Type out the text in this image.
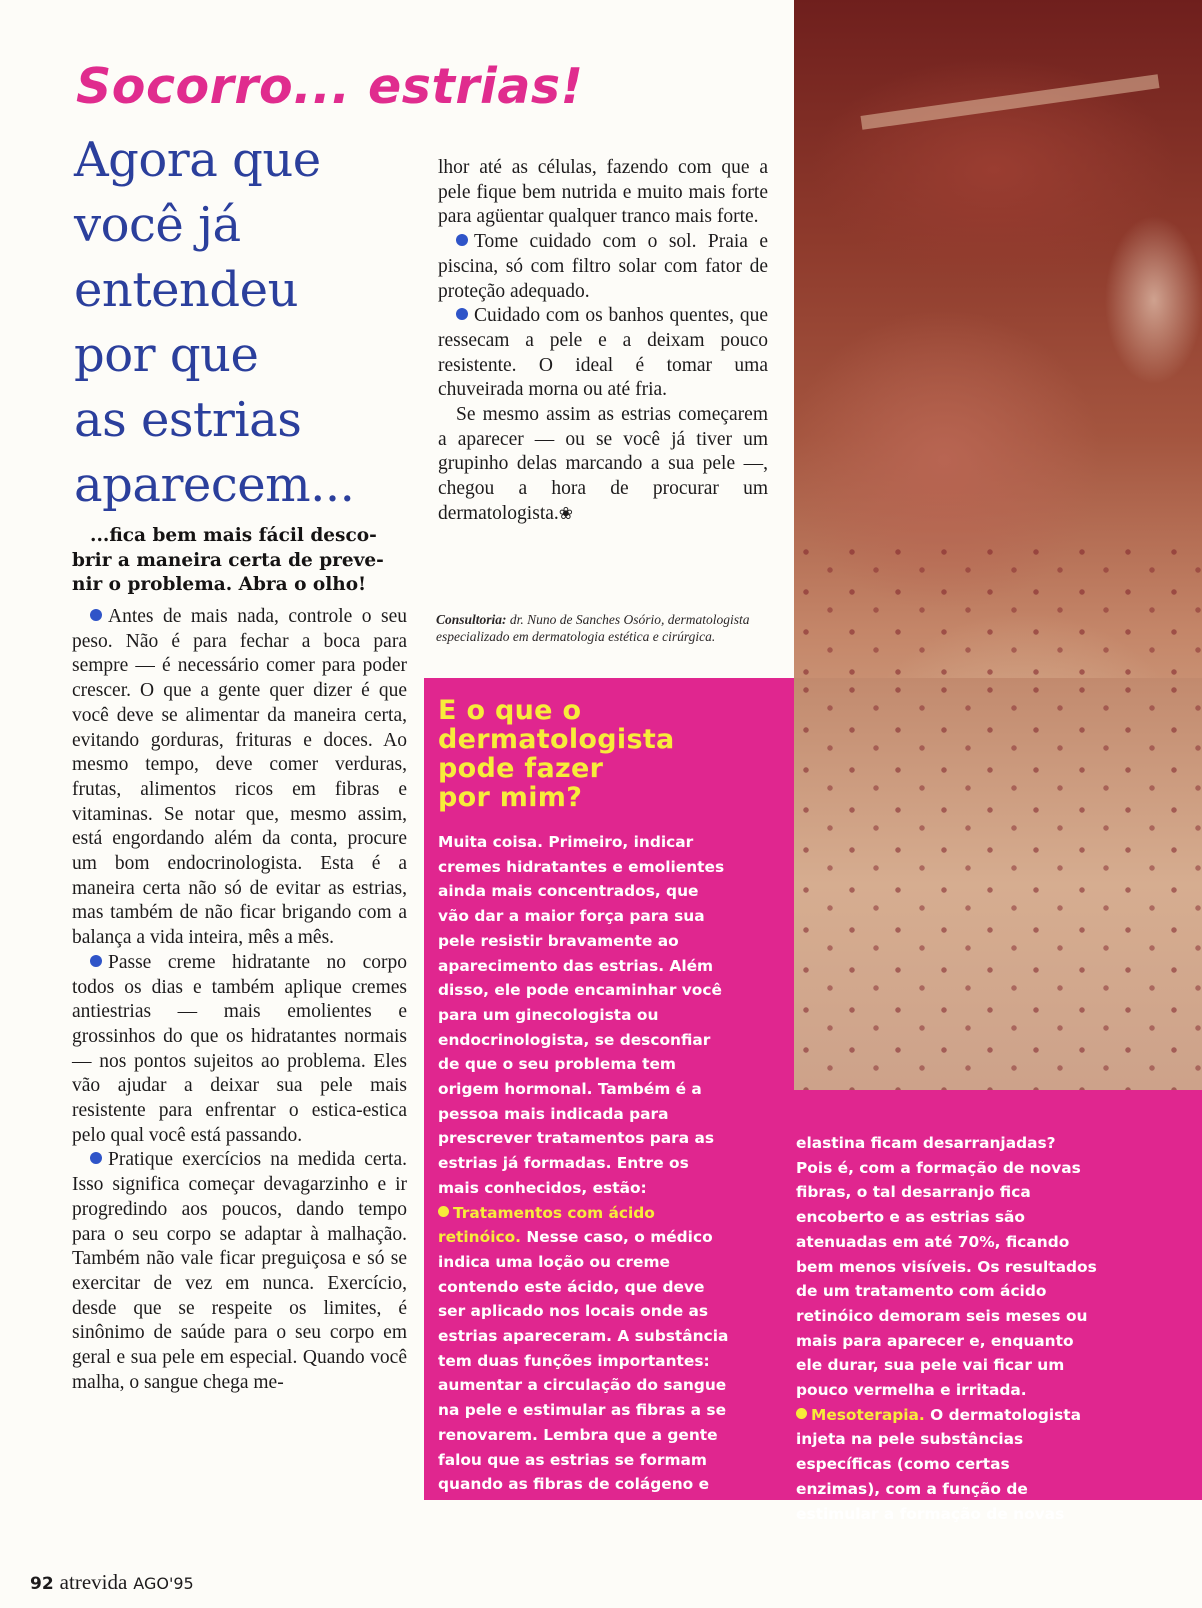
Socorro... estrias!
Agora que
você já
entendeu
por que
as estrias
aparecem...

...fica bem mais fácil desco-
brir a maneira certa de preve-
nir o problema. Abra o olho!

Antes de mais nada, controle o seu peso. Não é para fechar a boca para sempre — é necessário comer para poder crescer. O que a gente quer dizer é que você deve se alimentar da maneira certa, evitando gorduras, frituras e doces. Ao mesmo tempo, deve comer verduras, frutas, alimentos ricos em fibras e vitaminas. Se notar que, mesmo assim, está engordando além da conta, procure um bom endocrinologista. Esta é a maneira certa não só de evitar as estrias, mas também de não ficar brigando com a balança a vida inteira, mês a mês.

Passe creme hidratante no corpo todos os dias e também aplique cremes antiestrias — mais emolientes e grossinhos do que os hidratantes normais — nos pontos sujeitos ao problema. Eles vão ajudar a deixar sua pele mais resistente para enfrentar o estica-estica pelo qual você está passando.

Pratique exercícios na medida certa. Isso significa começar devagarzinho e ir progredindo aos poucos, dando tempo para o seu corpo se adaptar à malhação. Também não vale ficar preguiçosa e só se exercitar de vez em nunca. Exercício, desde que se respeite os limites, é sinônimo de saúde para o seu corpo em geral e sua pele em especial. Quando você malha, o sangue chega me-

lhor até as células, fazendo com que a pele fique bem nutrida e muito mais forte para agüentar qualquer tranco mais forte.

Tome cuidado com o sol. Praia e piscina, só com filtro solar com fator de proteção adequado.

Cuidado com os banhos quentes, que ressecam a pele e a deixam pouco resistente. O ideal é tomar uma chuveirada morna ou até fria.

Se mesmo assim as estrias começarem a aparecer — ou se você já tiver um grupinho delas marcando a sua pele —, chegou a hora de procurar um dermatologista.❀

Consultoria: dr. Nuno de Sanches Osório, dermatologista especializado em dermatologia estética e cirúrgica.

E o que o
dermatologista
pode fazer
por mim?
Muita coisa. Primeiro, indicar
cremes hidratantes e emolientes
ainda mais concentrados, que
vão dar a maior força para sua
pele resistir bravamente ao
aparecimento das estrias. Além
disso, ele pode encaminhar você
para um ginecologista ou
endocrinologista, se desconfiar
de que o seu problema tem
origem hormonal. Também é a
pessoa mais indicada para
prescrever tratamentos para as
estrias já formadas. Entre os
mais conhecidos, estão:
Tratamentos com ácido
retinóico. Nesse caso, o médico
indica uma loção ou creme
contendo este ácido, que deve
ser aplicado nos locais onde as
estrias apareceram. A substância
tem duas funções importantes:
aumentar a circulação do sangue
na pele e estimular as fibras a se
renovarem. Lembra que a gente
falou que as estrias se formam
quando as fibras de colágeno e
elastina ficam desarranjadas?
Pois é, com a formação de novas
fibras, o tal desarranjo fica
encoberto e as estrias são
atenuadas em até 70%, ficando
bem menos visíveis. Os resultados
de um tratamento com ácido
retinóico demoram seis meses ou
mais para aparecer e, enquanto
ele durar, sua pele vai ficar um
pouco vermelha e irritada.
Mesoterapia. O dermatologista
injeta na pele substâncias
específicas (como certas
enzimas), com a função de
estimular a formação de novas

92 atrevida AGO'95
